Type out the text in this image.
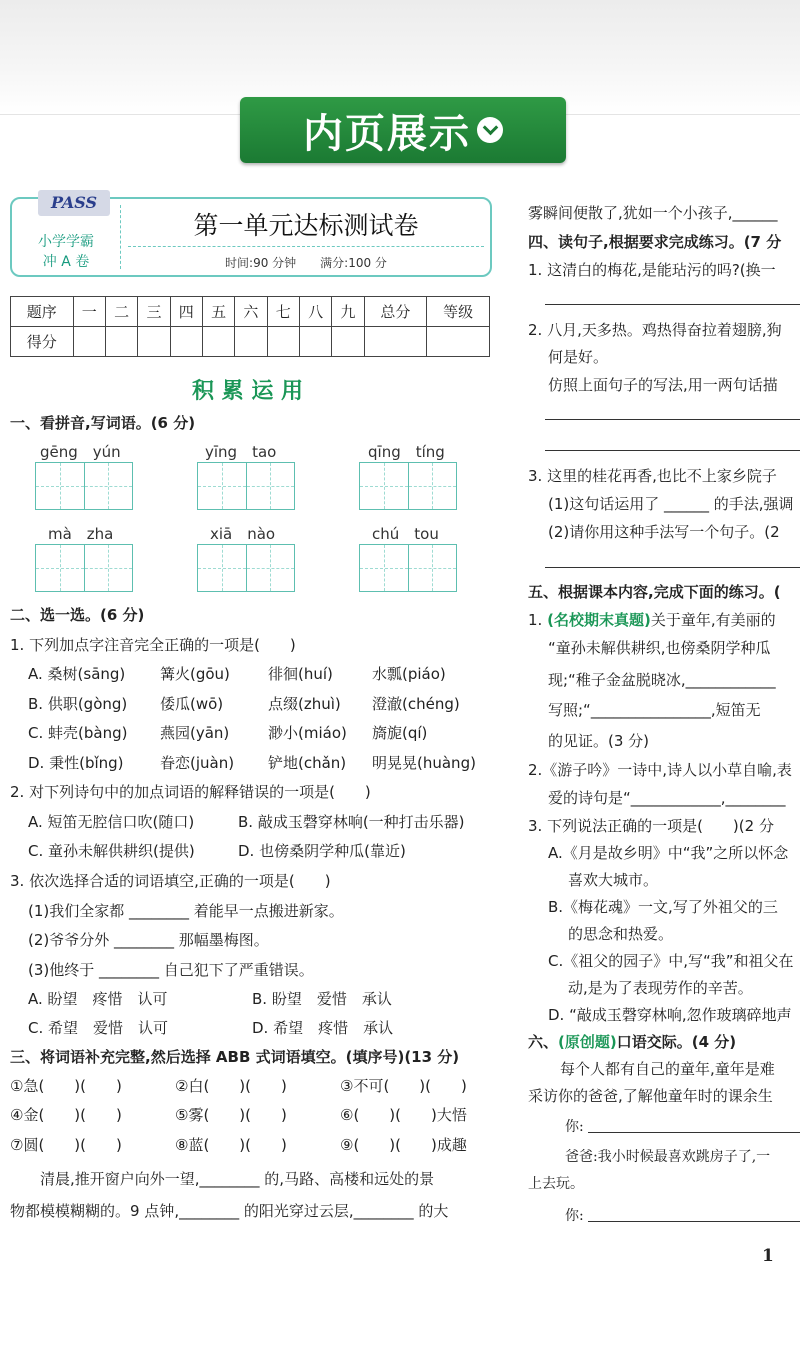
内页展示
PASS
小学学霸
冲 A 卷
第一单元达标测试卷
时间:90 分钟　　满分:100 分
题序	一	二	三	四	五	六	七	八	九	总分	等级
得分											
积 累 运 用
一、看拼音,写词语。(6 分)
gēng　yún	yīng　tao	qīng　tíng
mà　zha	xiā　nào	chú　tou
二、选一选。(6 分)
1. 下列加点字注音完全正确的一项是(　　)
A. 桑树(sāng) 篝火(gōu)	徘徊(huí)	水瓢(piáo)
B. 供职(gòng) 倭瓜(wō)	点缀(zhuì) 澄澈(chéng)
C. 蚌壳(bàng) 燕园(yān)	渺小(miáo) 旖旎(qí)
D. 秉性(bǐng) 眷恋(juàn) 铲地(chǎn) 明晃晃(huàng)
2. 对下列诗句中的加点词语的解释错误的一项是(　　)
A. 短笛无腔信口吹(随口)	B. 敲成玉磬穿林响(一种打击乐器)
C. 童孙未解供耕织(提供)	D. 也傍桑阴学种瓜(靠近)
3. 依次选择合适的词语填空,正确的一项是(　　)
(1)我们全家都 ________ 着能早一点搬进新家。
(2)爷爷分外 ________ 那幅墨梅图。
(3)他终于 ________ 自己犯下了严重错误。
A. 盼望　疼惜　认可	B. 盼望　爱惜　承认
C. 希望　爱惜　认可	D. 希望　疼惜　承认
三、将词语补充完整,然后选择 ABB 式词语填空。(填序号)(13 分)
①急(　　)(　　)	②白(　　)(　　)	③不可(　　)(　　)
④金(　　)(　　)	⑤雾(　　)(　　)	⑥(　　)(　　)大悟
⑦圆(　　)(　　)	⑧蓝(　　)(　　)	⑨(　　)(　　)成趣
清晨,推开窗户向外一望,________ 的,马路、高楼和远处的景
物都模模糊糊的。9 点钟,________ 的阳光穿过云层,________ 的大
雾瞬间便散了,犹如一个小孩子,______
四、读句子,根据要求完成练习。(7 分
1. 这清白的梅花,是能玷污的吗?(换一
2. 八月,天多热。鸡热得奋拉着翅膀,狗
何是好。
仿照上面句子的写法,用一两句话描
3. 这里的桂花再香,也比不上家乡院子
(1)这句话运用了 ______ 的手法,强调
(2)请你用这种手法写一个句子。(2
五、根据课本内容,完成下面的练习。(
1. (名校期末真题)关于童年,有美丽的
“童孙未解供耕织,也傍桑阴学种瓜
现;“稚子金盆脱晓冰,____________
写照;“________________,短笛无
的见证。(3 分)
2.《游子吟》一诗中,诗人以小草自喻,表
爱的诗句是“____________,________
3. 下列说法正确的一项是(　　)(2 分
A.《月是故乡明》中“我”之所以怀念
喜欢大城市。
B.《梅花魂》一文,写了外祖父的三
的思念和热爱。
C.《祖父的园子》中,写“我”和祖父在
动,是为了表现劳作的辛苦。
D. “敲成玉磬穿林响,忽作玻璃碎地声
六、(原创题)口语交际。(4 分)
每个人都有自己的童年,童年是难
采访你的爸爸,了解他童年时的课余生
你:
爸爸:我小时候最喜欢跳房子了,一
上去玩。
你:
1
